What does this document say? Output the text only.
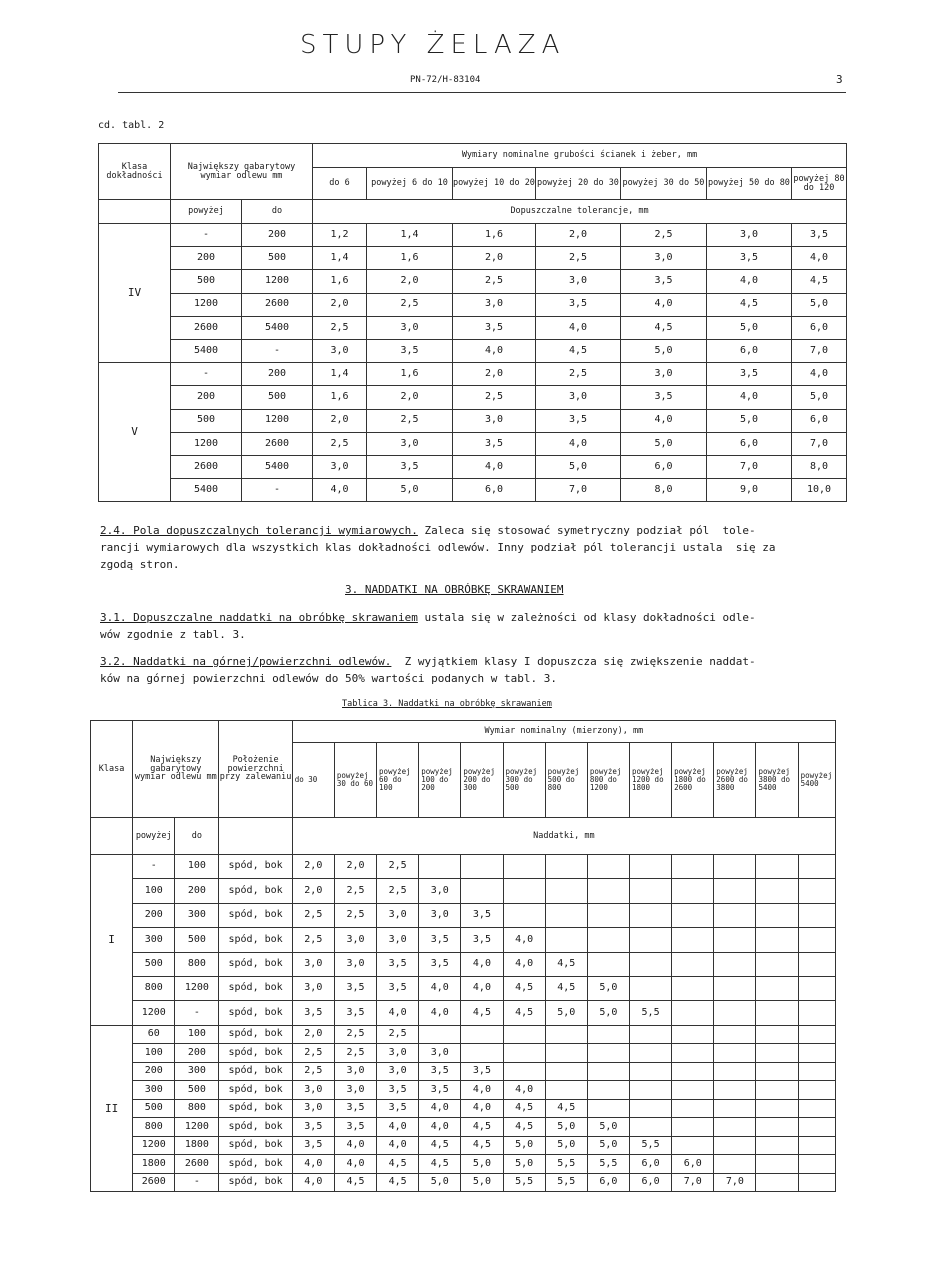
STUPY ŻELAZA
PN-72/H-83104	3
cd. tabl. 2
Klasa dokładności	Największy gabarytowy wymiar odlewu mm		Wymiary nominalne grubości ścianek i żeber, mm						
			do 6	powyżej 6 do 10	powyżej 10 do 20	powyżej 20 do 30	powyżej 30 do 50	powyżej 50 do 80	powyżej 80 do 120
	powyżej	do	Dopuszczalne tolerancje, mm						
IV	-	200	1,2	1,4	1,6	2,0	2,5	3,0	3,5
	200	500	1,4	1,6	2,0	2,5	3,0	3,5	4,0
	500	1200	1,6	2,0	2,5	3,0	3,5	4,0	4,5
	1200	2600	2,0	2,5	3,0	3,5	4,0	4,5	5,0
	2600	5400	2,5	3,0	3,5	4,0	4,5	5,0	6,0
	5400	-	3,0	3,5	4,0	4,5	5,0	6,0	7,0
V	-	200	1,4	1,6	2,0	2,5	3,0	3,5	4,0
	200	500	1,6	2,0	2,5	3,0	3,5	4,0	5,0
	500	1200	2,0	2,5	3,0	3,5	4,0	5,0	6,0
	1200	2600	2,5	3,0	3,5	4,0	5,0	6,0	7,0
	2600	5400	3,0	3,5	4,0	5,0	6,0	7,0	8,0
	5400	-	4,0	5,0	6,0	7,0	8,0	9,0	10,0
2.4. Pola dopuszczalnych tolerancji wymiarowych. Zaleca się stosować symetryczny podział pól  tole-
rancji wymiarowych dla wszystkich klas dokładności odlewów. Inny podział pól tolerancji ustala  się za
zgodą stron.
3. NADDATKI NA OBRÓBKĘ SKRAWANIEM
3.1. Dopuszczalne naddatki na obróbkę skrawaniem ustala się w zależności od klasy dokładności odle-
wów zgodnie z tabl. 3.
3.2. Naddatki na górnej/powierzchni odlewów.  Z wyjątkiem klasy I dopuszcza się zwiększenie naddat-
ków na górnej powierzchni odlewów do 50% wartości podanych w tabl. 3.
Tablica 3. Naddatki na obróbkę skrawaniem
Klasa	Największy gabarytowy wymiar odlewu mm		Położenie powierzchni przy zalewaniu	Wymiar nominalny (mierzony), mm												
				do 30	powyżej 30 do 60	powyżej 60 do 100	powyżej 100 do 200	powyżej 200 do 300	powyżej 300 do 500	powyżej 500 do 800	powyżej 800 do 1200	powyżej 1200 do 1800	powyżej 1800 do 2600	powyżej 2600 do 3800	powyżej 3800 do 5400	powyżej 5400
	powyżej	do		Naddatki, mm												
I	-	100	spód, bok	2,0	2,0	2,5										
	100	200	spód, bok	2,0	2,5	2,5	3,0									
	200	300	spód, bok	2,5	2,5	3,0	3,0	3,5								
	300	500	spód, bok	2,5	3,0	3,0	3,5	3,5	4,0							
	500	800	spód, bok	3,0	3,0	3,5	3,5	4,0	4,0	4,5						
	800	1200	spód, bok	3,0	3,5	3,5	4,0	4,0	4,5	4,5	5,0					
	1200	-	spód, bok	3,5	3,5	4,0	4,0	4,5	4,5	5,0	5,0	5,5				
II	60	100	spód, bok	2,0	2,5	2,5										
	100	200	spód, bok	2,5	2,5	3,0	3,0									
	200	300	spód, bok	2,5	3,0	3,0	3,5	3,5								
	300	500	spód, bok	3,0	3,0	3,5	3,5	4,0	4,0							
	500	800	spód, bok	3,0	3,5	3,5	4,0	4,0	4,5	4,5						
	800	1200	spód, bok	3,5	3,5	4,0	4,0	4,5	4,5	5,0	5,0					
	1200	1800	spód, bok	3,5	4,0	4,0	4,5	4,5	5,0	5,0	5,0	5,5				
	1800	2600	spód, bok	4,0	4,0	4,5	4,5	5,0	5,0	5,5	5,5	6,0	6,0			
	2600	-	spód, bok	4,0	4,5	4,5	5,0	5,0	5,5	5,5	6,0	6,0	7,0	7,0		
